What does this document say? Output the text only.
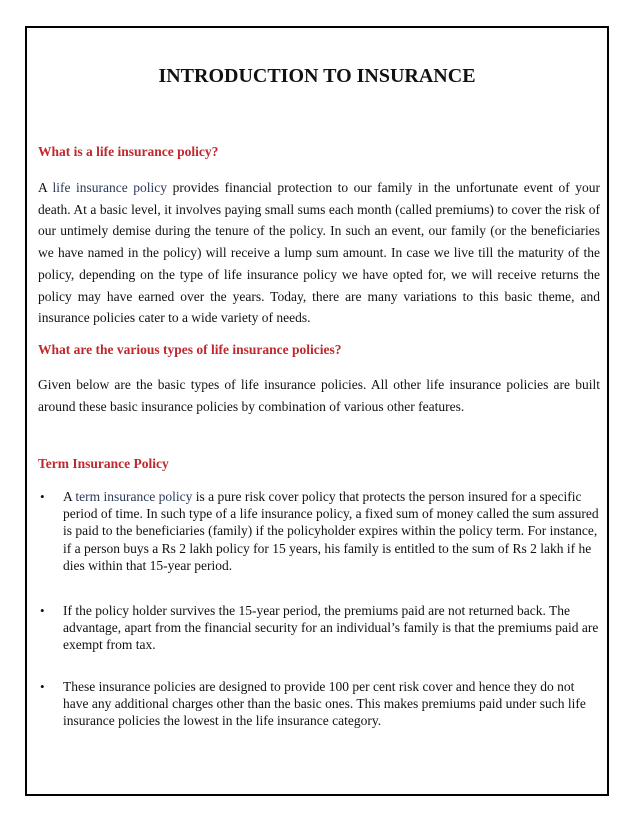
INTRODUCTION TO INSURANCE
What is a life insurance policy?
A life insurance policy provides financial protection to our family in the unfortunate event of your death. At a basic level, it involves paying small sums each month (called premiums) to cover the risk of our untimely demise during the tenure of the policy. In such an event, our family (or the beneficiaries we have named in the policy) will receive a lump sum amount. In case we live till the maturity of the policy, depending on the type of life insurance policy we have opted for, we will receive returns the policy may have earned over the years. Today, there are many variations to this basic theme, and insurance policies cater to a wide variety of needs.
What are the various types of life insurance policies?
Given below are the basic types of life insurance policies. All other life insurance policies are built around these basic insurance policies by combination of various other features.
Term Insurance Policy
• A term insurance policy is a pure risk cover policy that protects the person insured for a specific period of time. In such type of a life insurance policy, a fixed sum of money called the sum assured is paid to the beneficiaries (family) if the policyholder expires within the policy term. For instance, if a person buys a Rs 2 lakh policy for 15 years, his family is entitled to the sum of Rs 2 lakh if he dies within that 15-year period.
• If the policy holder survives the 15-year period, the premiums paid are not returned back. The advantage, apart from the financial security for an individual’s family is that the premiums paid are exempt from tax.
• These insurance policies are designed to provide 100 per cent risk cover and hence they do not have any additional charges other than the basic ones. This makes premiums paid under such life insurance policies the lowest in the life insurance category.
